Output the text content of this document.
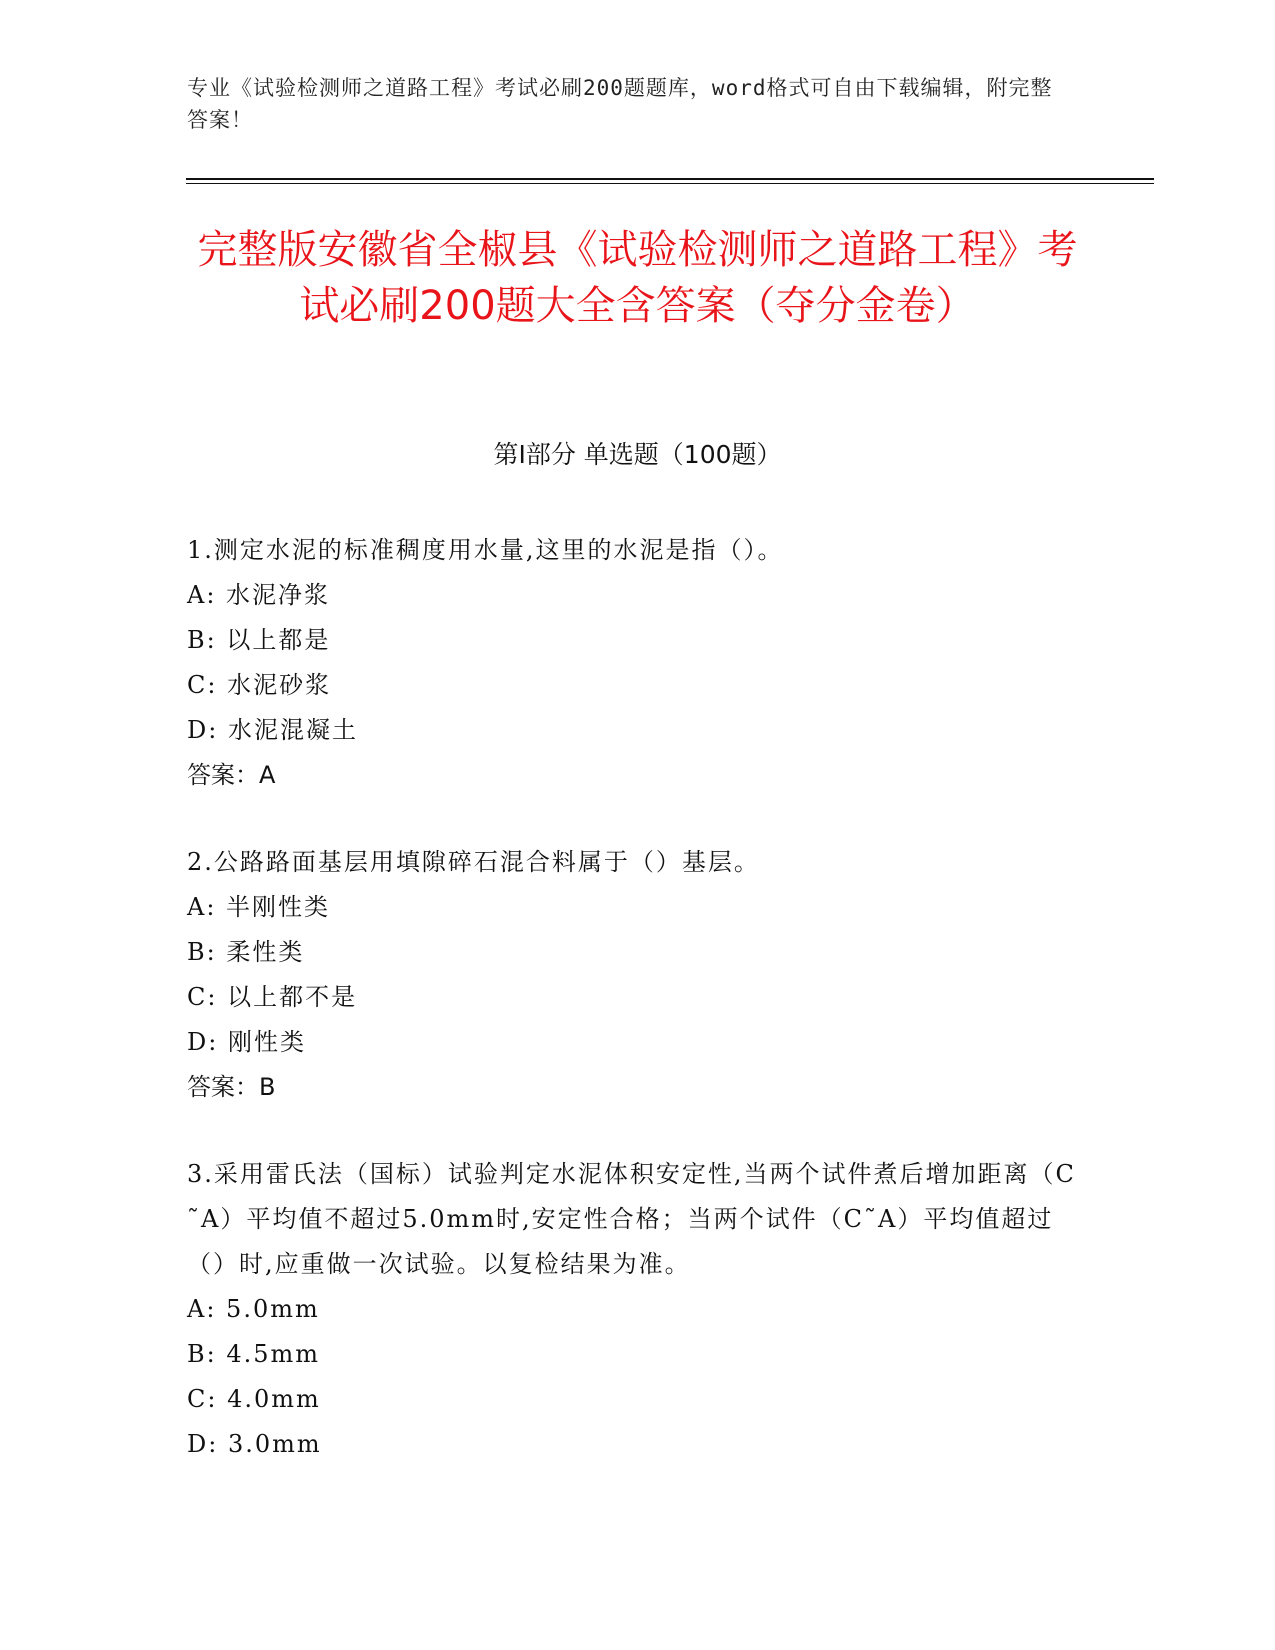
专业《试验检测师之道路工程》考试必刷200题题库，word格式可自由下载编辑，附完整答案！
完整版安徽省全椒县《试验检测师之道路工程》考试必刷200题大全含答案（夺分金卷）
第I部分 单选题（100题）
1.测定水泥的标准稠度用水量,这里的水泥是指（）。
A: 水泥净浆
B: 以上都是
C: 水泥砂浆
D: 水泥混凝土
答案：A
2.公路路面基层用填隙碎石混合料属于（）基层。
A: 半刚性类
B: 柔性类
C: 以上都不是
D: 刚性类
答案：B
3.采用雷氏法（国标）试验判定水泥体积安定性,当两个试件煮后增加距离（C˜A）平均值不超过5.0mm时,安定性合格；当两个试件（C˜A）平均值超过（）时,应重做一次试验。以复检结果为准。
A: 5.0mm
B: 4.5mm
C: 4.0mm
D: 3.0mm
